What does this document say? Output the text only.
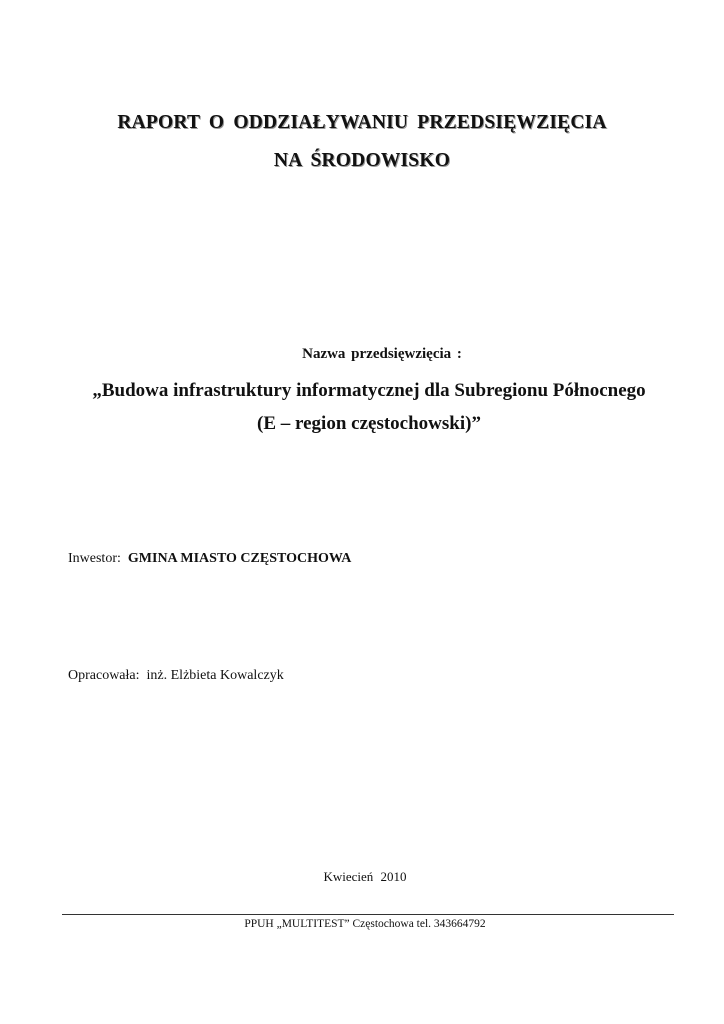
RAPORT O ODDZIAŁYWANIU PRZEDSIĘWZIĘCIA
NA ŚRODOWISKO
Nazwa przedsięwzięcia :
„Budowa infrastruktury informatycznej dla Subregionu Północnego
(E – region częstochowski)”
Inwestor: GMINA MIASTO CZĘSTOCHOWA
Opracowała: inż. Elżbieta Kowalczyk
Kwiecień 2010
PPUH „MULTITEST” Częstochowa tel. 343664792
